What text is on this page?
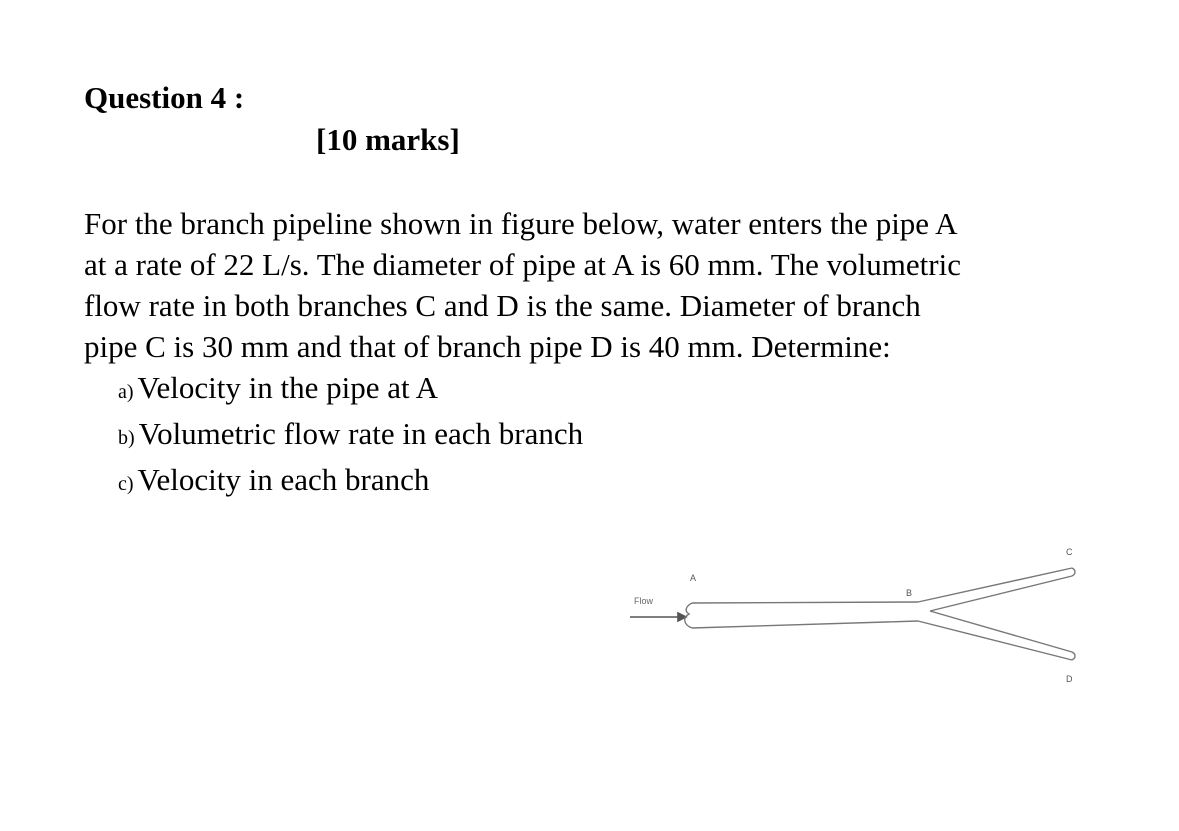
Question 4 :
[10 marks]

For the branch pipeline shown in figure below, water enters the pipe A
at a rate of 22 L/s. The diameter of pipe at A is 60 mm. The volumetric
flow rate in both branches C and D is the same. Diameter of branch
pipe C is 30 mm and that of branch pipe D is 40 mm. Determine:

a) Velocity in the pipe at A
b) Volumetric flow rate in each branch
c) Velocity in each branch
Flow
A
B
C
D
